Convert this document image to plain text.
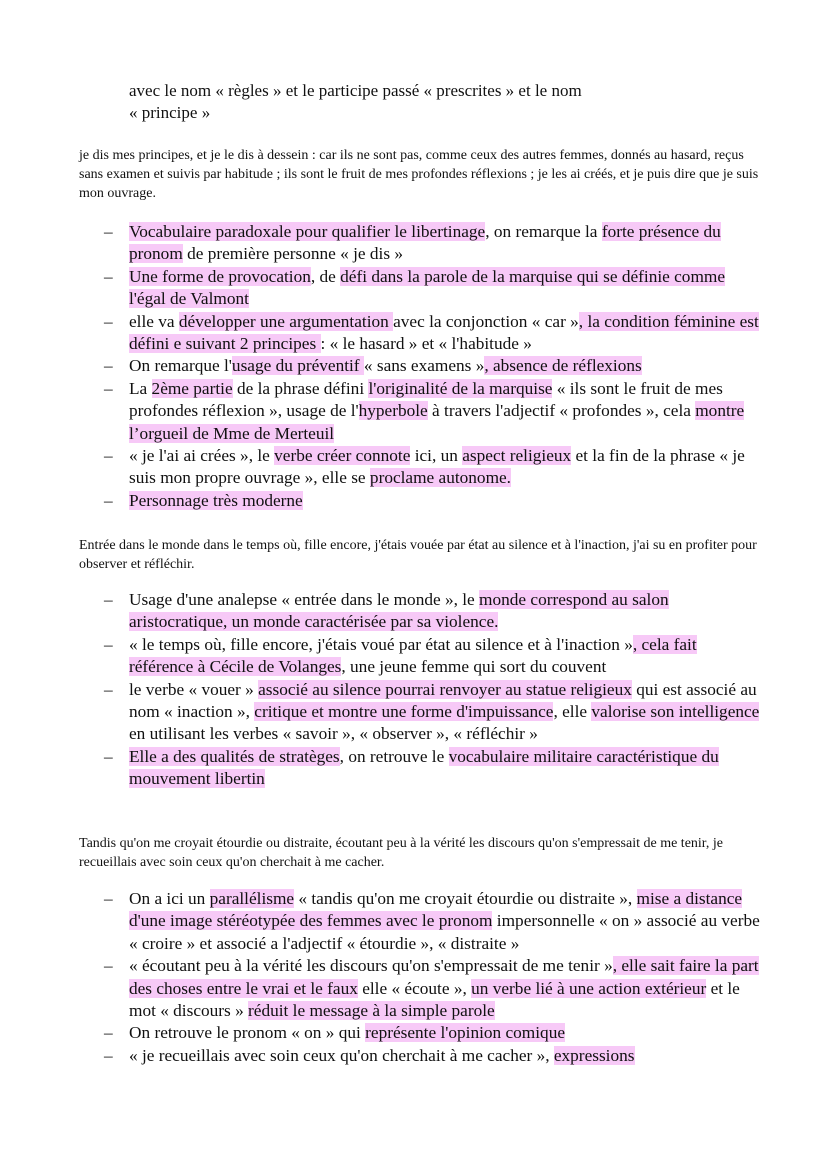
avec le nom « règles » et le participe passé « prescrites » et le nom
« principe »
je dis mes principes, et je le dis à dessein : car ils ne sont pas, comme ceux des autres femmes, donnés au hasard, reçus sans examen et suivis par habitude ; ils sont le fruit de mes profondes réflexions ; je les ai créés, et je puis dire que je suis mon ouvrage.
– Vocabulaire paradoxale pour qualifier le libertinage, on remarque la forte présence du pronom de première personne « je dis »
– Une forme de provocation, de défi dans la parole de la marquise qui se définie comme l'égal de Valmont
– elle va développer une argumentation avec la conjonction « car », la condition féminine est défini e suivant 2 principes : « le hasard » et « l'habitude »
– On remarque l'usage du préventif « sans examens », absence de réflexions
– La 2ème partie de la phrase défini l'originalité de la marquise « ils sont le fruit de mes profondes réflexion », usage de l'hyperbole à travers l'adjectif « profondes », cela montre l’orgueil de Mme de Merteuil
– « je l'ai ai crées », le verbe créer connote ici, un aspect religieux et la fin de la phrase « je suis mon propre ouvrage », elle se proclame autonome.
– Personnage très moderne
Entrée dans le monde dans le temps où, fille encore, j'étais vouée par état au silence et à l'inaction, j'ai su en profiter pour observer et réfléchir.
– Usage d'une analepse « entrée dans le monde », le monde correspond au salon aristocratique, un monde caractérisée par sa violence.
– « le temps où, fille encore, j'étais voué par état au silence et à l'inaction », cela fait référence à Cécile de Volanges, une jeune femme qui sort du couvent
– le verbe « vouer » associé au silence pourrai renvoyer au statue religieux qui est associé au nom « inaction », critique et montre une forme d'impuissance, elle valorise son intelligence en utilisant les verbes « savoir », « observer », « réfléchir »
– Elle a des qualités de stratèges, on retrouve le vocabulaire militaire caractéristique du mouvement libertin
Tandis qu'on me croyait étourdie ou distraite, écoutant peu à la vérité les discours qu'on s'empressait de me tenir, je recueillais avec soin ceux qu'on cherchait à me cacher.
– On a ici un parallélisme « tandis qu'on me croyait étourdie ou distraite », mise a distance d'une image stéréotypée des femmes avec le pronom impersonnelle « on » associé au verbe « croire » et associé a l'adjectif « étourdie », « distraite »
– « écoutant peu à la vérité les discours qu'on s'empressait de me tenir », elle sait faire la part des choses entre le vrai et le faux elle « écoute », un verbe lié à une action extérieur et le mot « discours » réduit le message à la simple parole
– On retrouve le pronom « on » qui représente l'opinion comique
– « je recueillais avec soin ceux qu'on cherchait à me cacher », expressions
